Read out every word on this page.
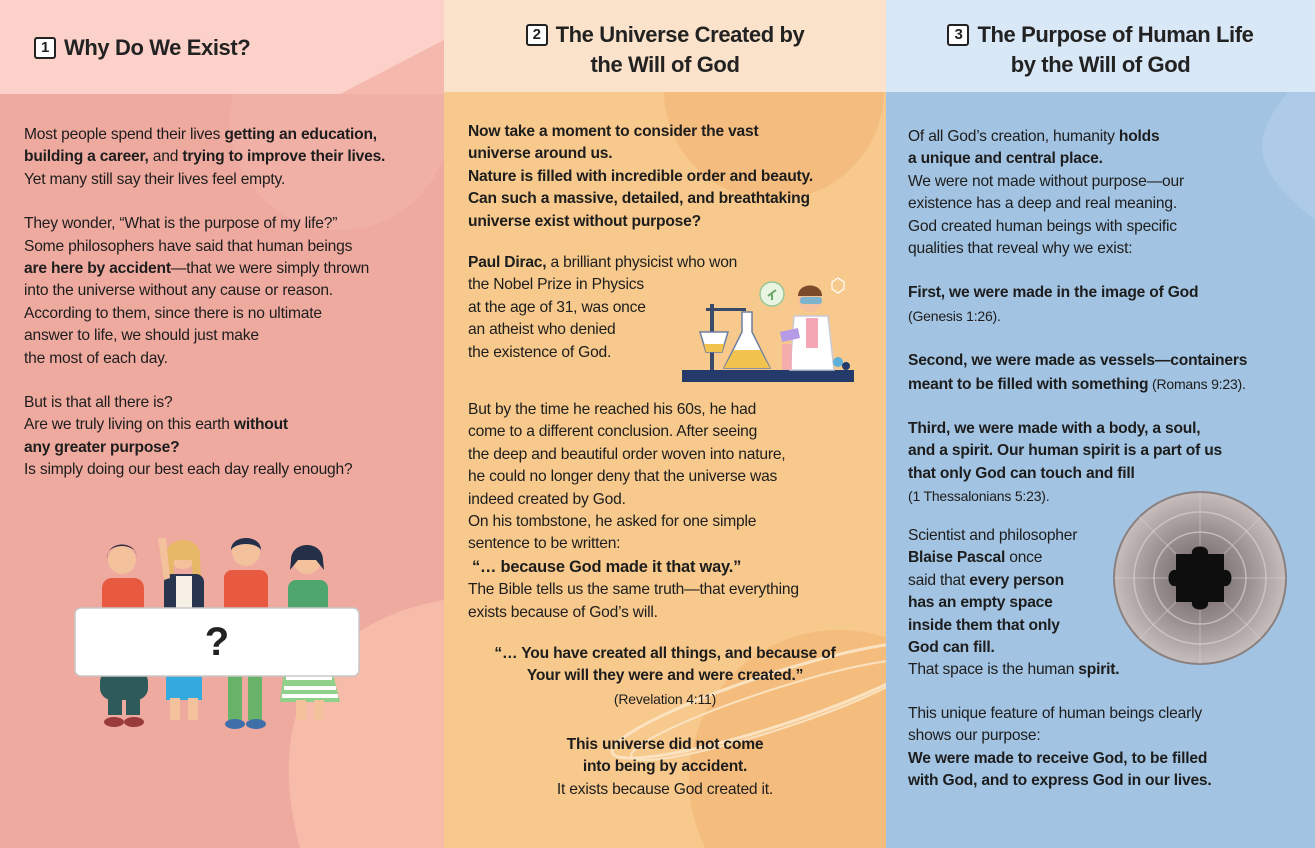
1 Why Do We Exist?

Most people spend their lives getting an education,
building a career, and trying to improve their lives.
Yet many still say their lives feel empty.

They wonder, “What is the purpose of my life?”
Some philosophers have said that human beings
are here by accident—that we were simply thrown
into the universe without any cause or reason.
According to them, since there is no ultimate
answer to life, we should just make
the most of each day.

But is that all there is?
Are we truly living on this earth without
any greater purpose?
Is simply doing our best each day really enough?

?
2 The Universe Created by
the Will of God
Now take a moment to consider the vast
universe around us.
Nature is filled with incredible order and beauty.
Can such a massive, detailed, and breathtaking
universe exist without purpose?
Paul Dirac, a brilliant physicist who won
the Nobel Prize in Physics
at the age of 31, was once
an atheist who denied
the existence of God.
But by the time he reached his 60s, he had
come to a different conclusion. After seeing
the deep and beautiful order woven into nature,
he could no longer deny that the universe was
indeed created by God.
On his tombstone, he asked for one simple
sentence to be written:
“… because God made it that way.”
The Bible tells us the same truth—that everything
exists because of God’s will.
“… You have created all things, and because of
Your will they were and were created.”
(Revelation 4:11)
This universe did not come
into being by accident.
It exists because God created it.
3 The Purpose of Human Life
by the Will of God

Of all God’s creation, humanity holds
a unique and central place.
We were not made without purpose—our
existence has a deep and real meaning.
God created human beings with specific
qualities that reveal why we exist:

First, we were made in the image of God
(Genesis 1:26).

Second, we were made as vessels—containers
meant to be filled with something (Romans 9:23).

Third, we were made with a body, a soul,
and a spirit. Our human spirit is a part of us
that only God can touch and fill
(1 Thessalonians 5:23).

Scientist and philosopher
Blaise Pascal once
said that every person
has an empty space
inside them that only
God can fill.
That space is the human spirit.
This unique feature of human beings clearly
shows our purpose:
We were made to receive God, to be filled
with God, and to express God in our lives.
